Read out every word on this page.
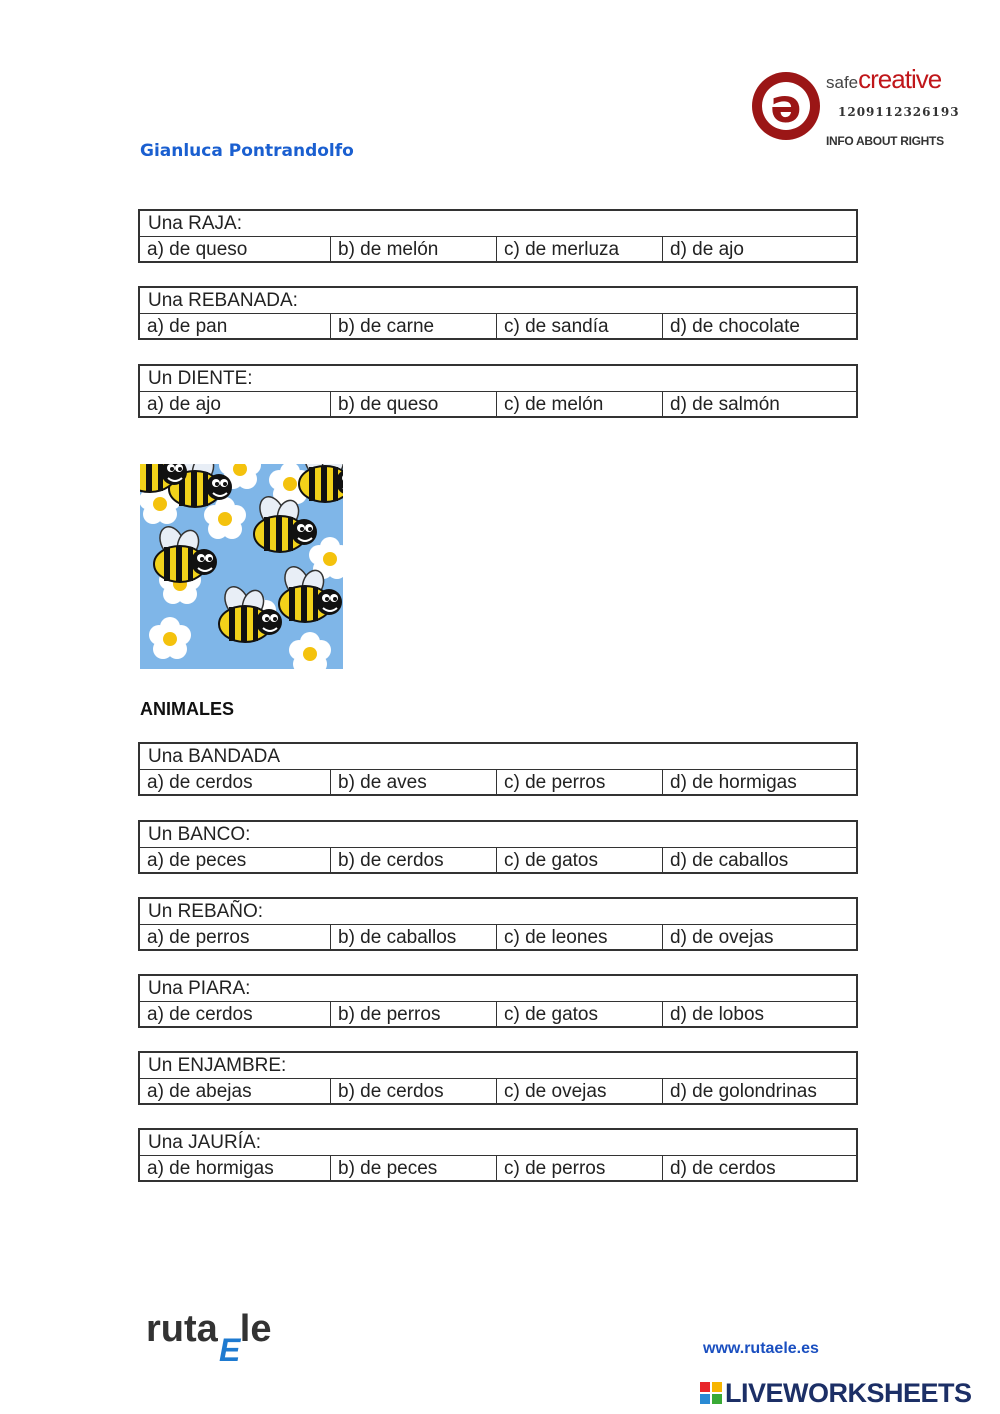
Gianluca Pontrandolfo
ə	safecreative
1209112326193
INFO ABOUT RIGHTS
Una RAJA:
a) de queso	b) de melón	c) de merluza	d) de ajo
Una REBANADA:
a) de pan	b) de carne	c) de sandía	d) de chocolate
Un DIENTE:
a) de ajo	b) de queso	c) de melón	d) de salmón
ANIMALES
Una BANDADA
a) de cerdos	b) de aves	c) de perros	d) de hormigas
Un BANCO:
a) de peces	b) de cerdos	c) de gatos	d) de caballos
Un REBAÑO:
a) de perros	b) de caballos	c) de leones	d) de ovejas
Una PIARA:
a) de cerdos	b) de perros	c) de gatos	d) de lobos
Un ENJAMBRE:
a) de abejas	b) de cerdos	c) de ovejas	d) de golondrinas
Una JAURÍA:
a) de hormigas	b) de peces	c) de perros	d) de cerdos
ruta le
E	www.rutaele.es
LIVEWORKSHEETS
